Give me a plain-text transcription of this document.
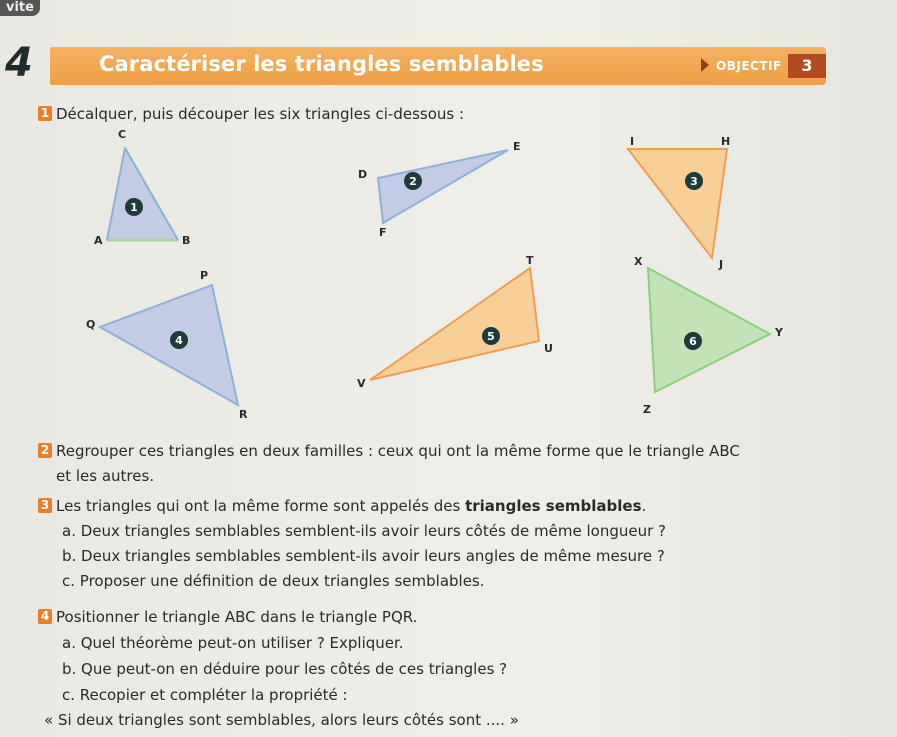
vite
4	Caractériser les triangles semblables	OBJECTIF	3
1 Décalquer, puis découper les six triangles ci-dessous :
1
A	B
C
2
D
E
F
3
I	H
J
4
P
Q
R
5
T
U
V
6
X
Y
Z
2 Regrouper ces triangles en deux familles : ceux qui ont la même forme que le triangle ABC
et les autres.
3 Les triangles qui ont la même forme sont appelés des triangles semblables.
a. Deux triangles semblables semblent-ils avoir leurs côtés de même longueur ?
b. Deux triangles semblables semblent-ils avoir leurs angles de même mesure ?
c. Proposer une définition de deux triangles semblables.
4 Positionner le triangle ABC dans le triangle PQR.
a. Quel théorème peut-on utiliser ? Expliquer.
b. Que peut-on en déduire pour les côtés de ces triangles ?
c. Recopier et compléter la propriété :
« Si deux triangles sont semblables, alors leurs côtés sont .... »
